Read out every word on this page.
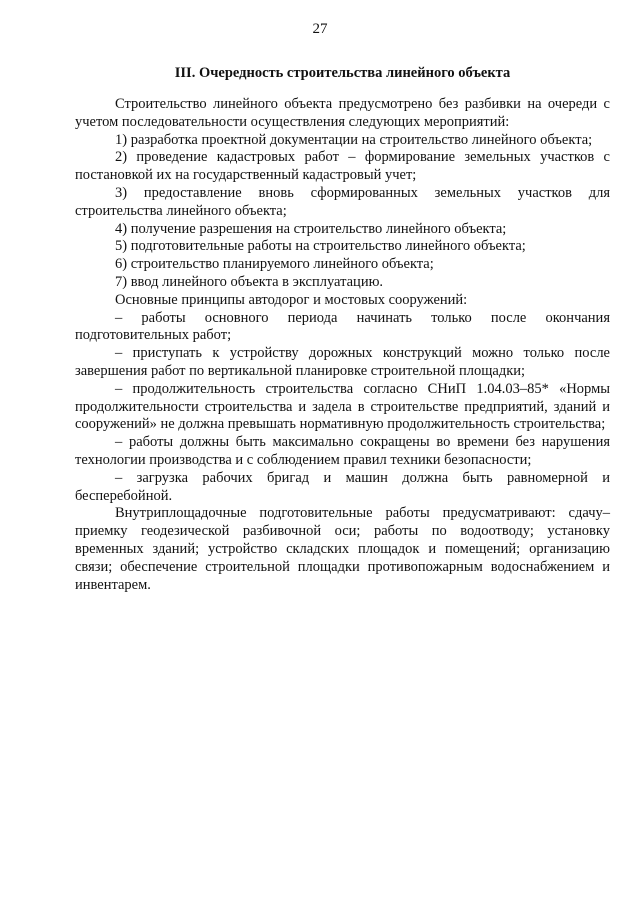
27
III. Очередность строительства линейного объекта

Строительство линейного объекта предусмотрено без разбивки на очереди с учетом последовательности осуществления следующих мероприятий:

1) разработка проектной документации на строительство линейного объекта;

2) проведение кадастровых работ – формирование земельных участков с постановкой их на государственный кадастровый учет;

3) предоставление вновь сформированных земельных участков для строительства линейного объекта;

4) получение разрешения на строительство линейного объекта;

5) подготовительные работы на строительство линейного объекта;

6) строительство планируемого линейного объекта;

7) ввод линейного объекта в эксплуатацию.

Основные принципы автодорог и мостовых сооружений:

– работы основного периода начинать только после окончания подготовительных работ;

– приступать к устройству дорожных конструкций можно только после завершения работ по вертикальной планировке строительной площадки;

– продолжительность строительства согласно СНиП 1.04.03–85* «Нормы продолжительности строительства и задела в строительстве предприятий, зданий и сооружений» не должна превышать нормативную продолжительность строительства;

– работы должны быть максимально сокращены во времени без нарушения технологии производства и с соблюдением правил техники безопасности;

– загрузка рабочих бригад и машин должна быть равномерной и бесперебойной.

Внутриплощадочные подготовительные работы предусматривают: сдачу–приемку геодезической разбивочной оси; работы по водоотводу; установку временных зданий; устройство складских площадок и помещений; организацию связи; обеспечение строительной площадки противопожарным водоснабжением и инвентарем.
